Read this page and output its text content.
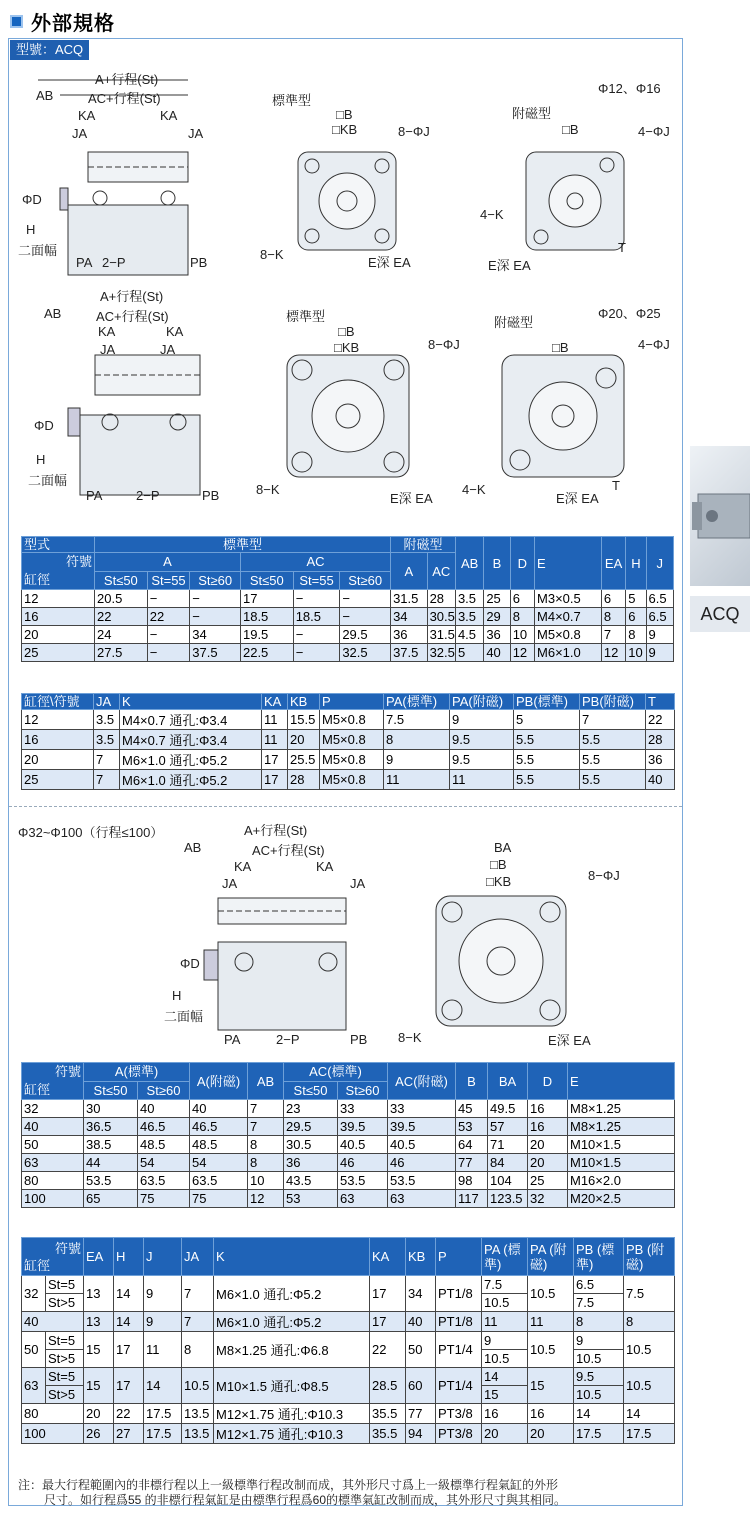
外部規格
型號：ACQ
ACQ
A+行程(St)
AB	AC+行程(St)
KA	KA
JA	JA
ΦD
H
二面幅
PA 2−P	PB
標準型
□B
□KB	8−ΦJ
8−K
E深 EA
Φ12、Φ16
附磁型
□B	4−ΦJ
4−K
E深 EA
T
A+行程(St)
AB	AC+行程(St)
KA	KA
JA	JA
ΦD
H
二面幅
PA	2−P	PB
標準型
□B
□KB	8−ΦJ
8−K
E深 EA
Φ20、Φ25
附磁型
□B	4−ΦJ
4−K
E深 EA
T
型式	標準型						附磁型		AB	B	D	E	EA	H	J

符號
缸徑	A			AC			A	AC							
	St≤50	St=55	St≥60	St≤50	St=55	St≥60									
12	20.5	−	−	17	−	−	31.5	28	3.5	25	6	M3×0.5	6	5	6.5
16	22	22	−	18.5	18.5	−	34	30.5	3.5	29	8	M4×0.7	8	6	6.5
20	24	−	34	19.5	−	29.5	36	31.5	4.5	36	10	M5×0.8	7	8	9
25	27.5	−	37.5	22.5	−	32.5	37.5	32.5	5	40	12	M6×1.0	12	10	9
缸徑\符號	JA	K	KA	KB	P	PA(標準)	PA(附磁)	PB(標準)	PB(附磁)	T
12	3.5	M4×0.7 通孔:Φ3.4	11	15.5	M5×0.8	7.5	9	5	7	22
16	3.5	M4×0.7 通孔:Φ3.4	11	20	M5×0.8	8	9.5	5.5	5.5	28
20	7	M6×1.0 通孔:Φ5.2	17	25.5	M5×0.8	9	9.5	5.5	5.5	36
25	7	M6×1.0 通孔:Φ5.2	17	28	M5×0.8	11	11	5.5	5.5	40
Φ32~Φ100（行程≤100）	A+行程(St)
AB	AC+行程(St)
KA	KA
JA	JA
ΦD
H
二面幅
PA	2−P	PB
BA
□B
□KB	8−ΦJ
8−K	E深 EA
符號
缸徑	A(標準)		A(附磁)	AB	AC(標準)		AC(附磁)	B	BA	D	E
	St≤50	St≥60			St≤50	St≥60					
32	30	40	40	7	23	33	33	45	49.5	16	M8×1.25
40	36.5	46.5	46.5	7	29.5	39.5	39.5	53	57	16	M8×1.25
50	38.5	48.5	48.5	8	30.5	40.5	40.5	64	71	20	M10×1.5
63	44	54	54	8	36	46	46	77	84	20	M10×1.5
80	53.5	63.5	63.5	10	43.5	53.5	53.5	98	104	25	M16×2.0
100	65	75	75	12	53	63	63	117	123.5	32	M20×2.5
符號
缸徑		EA	H	J	JA	K	KA	KB	P	PA (標準)	PA (附磁)	PB (標準)	PB (附磁)
32	St=5	13	14	9	7	M6×1.0 通孔:Φ5.2	17	34	PT1/8	7.5	10.5	6.5	7.5
	St>5									10.5		7.5	
40		13	14	9	7	M6×1.0 通孔:Φ5.2	17	40	PT1/8	11	11	8	8
50	St=5	15	17	11	8	M8×1.25 通孔:Φ6.8	22	50	PT1/4	9	10.5	9	10.5
	St>5									10.5		10.5	
63	St=5	15	17	14	10.5	M10×1.5 通孔:Φ8.5	28.5	60	PT1/4	14	15	9.5	10.5
	St>5									15		10.5	
80		20	22	17.5	13.5	M12×1.75 通孔:Φ10.3	35.5	77	PT3/8	16	16	14	14
100		26	27	17.5	13.5	M12×1.75 通孔:Φ10.3	35.5	94	PT3/8	20	20	17.5	17.5
注：最大行程範圍內的非標行程以上一級標準行程改制而成，其外形尺寸爲上一級標準行程氣缸的外形
尺寸。如行程爲55 的非標行程氣缸是由標準行程爲60的標準氣缸改制而成，其外形尺寸與其相同。
